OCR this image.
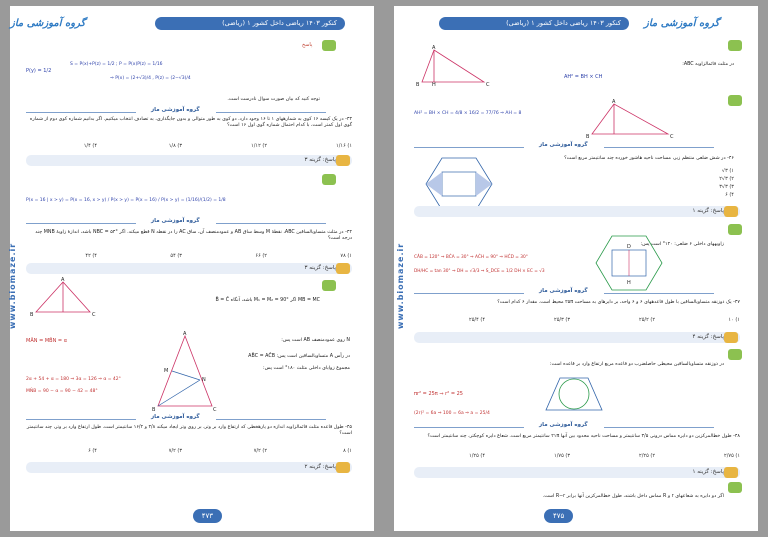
کنکور ۱۴۰۳ ریاضی داخل کشور ۱ (ریاضی)
گروه آموزشی ماز
www.biomaze.ir
پاسخ
P(y) = 1/2
S = P(x)+P(z) = 1/2 ; P = P(x)P(z) = 1/16
⇒ P(x) = (2+√3)/4 , P(z) = (2−√3)/4
توجه کنید که بیان صورت سوال نادرست است.
گروه آموزشی ماز
۴۳- در یک کیسه ۱۶ کوی به شمارههای ۱ تا ۱۶ وجود دارد. دو کوی به طور متوالی و بدون جایگذاری، به تصادف انتخاب میکنیم. اگر بدانیم شماره کوی دوم از شماره گوی اول کمتر است، با کدام احتمال شماره گوی اول ۱۶ است؟
۱/۱۶ (۱
۱/۱۲ (۲
۱/۸ (۳
۱/۴ (۴
پاسخ: گزینه ۳
P(x = 16 | x > y) = P(x = 16, x > y) / P(x > y) = P(x = 16) / P(x > y) = (1/16)/(1/2) = 1/8
گروه آموزشی ماز
۴۴- در مثلث متساویالساقین ABC، نقطهٔ M وسط ساق AB و عمودمنصف آن، ساق AC را در نقطه N قطع میکند. اگر °۵۴ = NBC باشد، اندازهٔ زاویهٔ MNB چند درجه است؟
۷۸ (۱
۶۶ (۲
۵۴ (۳
۴۲ (۴
پاسخ: گزینه ۳
A
B	C
MB = MC اگر M₁ = M₂ = 90° باشد، آنگاه B̂ = Ĉ
MÂN = MB̂N = α	N روی عمودمنصف AB است پس:
در رأس A متساویالساقین است پس: AB̂C = AĈB
مجموع زوایای داخلی مثلث ۱۸۰° است پس:
2α + 54 + α = 180 ⇒ 3α = 126 ⇒ α = 42°
MN̂B = 90 − α = 90 − 42 = 48°
A
M
N
B	C
گروه آموزشی ماز
۴۵- طول قاعده مثلث قائمالزاویه اندازه دو پارهخطی که ارتفاع وارد بر وتر، بر روی وتر ایجاد میکند ۴/۸ و ۱۶/۲ سانتیمتر است. طول ارتفاع وارد بر وتر، چند سانتیمتر است؟
۸ (۱
۷/۲ (۲
۷/۲ (۳
۶ (۴
پاسخ: گزینه ۲
۴۷۳
کنکور ۱۴۰۳ ریاضی داخل کشور ۱ (ریاضی)	گروه آموزشی ماز
www.biomaze.ir
A
B	H	C
در مثلث قائمالزاویه ABC:
AH² = BH × CH
AH² = BH × CH = 4/8 × 16/2 = 77/76 ⇒ AH = 8
A
B	C
گروه آموزشی ماز
۴۶- در شش ضلعی منتظم زیر، مساحت ناحیه هاشور خورده چند سانتیمتر مربع است؟
√۳ (۱
۲√۳ (۲
۳√۳ (۳
۶ (۴
پاسخ: گزینه ۱
زاویههای داخلی ۶ ضلعی: ۱۲۰° است پس:
CÂB = 120° ⇒ BĈA = 30° ⇒ AĈH = 90° ⇒ HĈD = 30°
DH/HC = tan 30° ⇒ DH = √3/3 ⇒ S_DCE = 1/2 DH × EC = √3
D
H
گروه آموزشی ماز
۴۷- یک ذوزنقه متساویالساقین با طول قاعدههای ۶ و ۶ واحد، بر دایرهای به مساحت ۲۵π محیط است. مقدار ۶ کدام است؟
۱۰ (۱
۲۵/۲ (۲
۲۵/۳ (۳
۲۵/۴ (۴
پاسخ: گزینه ۴
در ذوزنقه متساویالساقین محیطی حاصلضرب دو قاعده مربع ارتفاع وارد بر قاعده است:
πr² = 25π ⇒ r² = 25
(2r)² = 6a ⇒ 100 = 6a ⇒ a = 25/4
گروه آموزشی ماز
۴۸- طول خطالمرکزین دو دایره مماس درونی ۳/۵ سانتیمتر و مساحت ناحیه محدود بین آنها ۲۱π سانتیمتر مربع است. شعاع دایره کوچکتر، چند سانتیمتر است؟
۲/۷۵ (۱
۲/۲۵ (۲
۱/۷۵ (۳
۱/۲۵ (۴
پاسخ: گزینه ۱
اگر دو دایره به شعاعهای r و R مماس داخل باشند، طول خطالمرکزین آنها برابر R−r است.
۴۷۵
